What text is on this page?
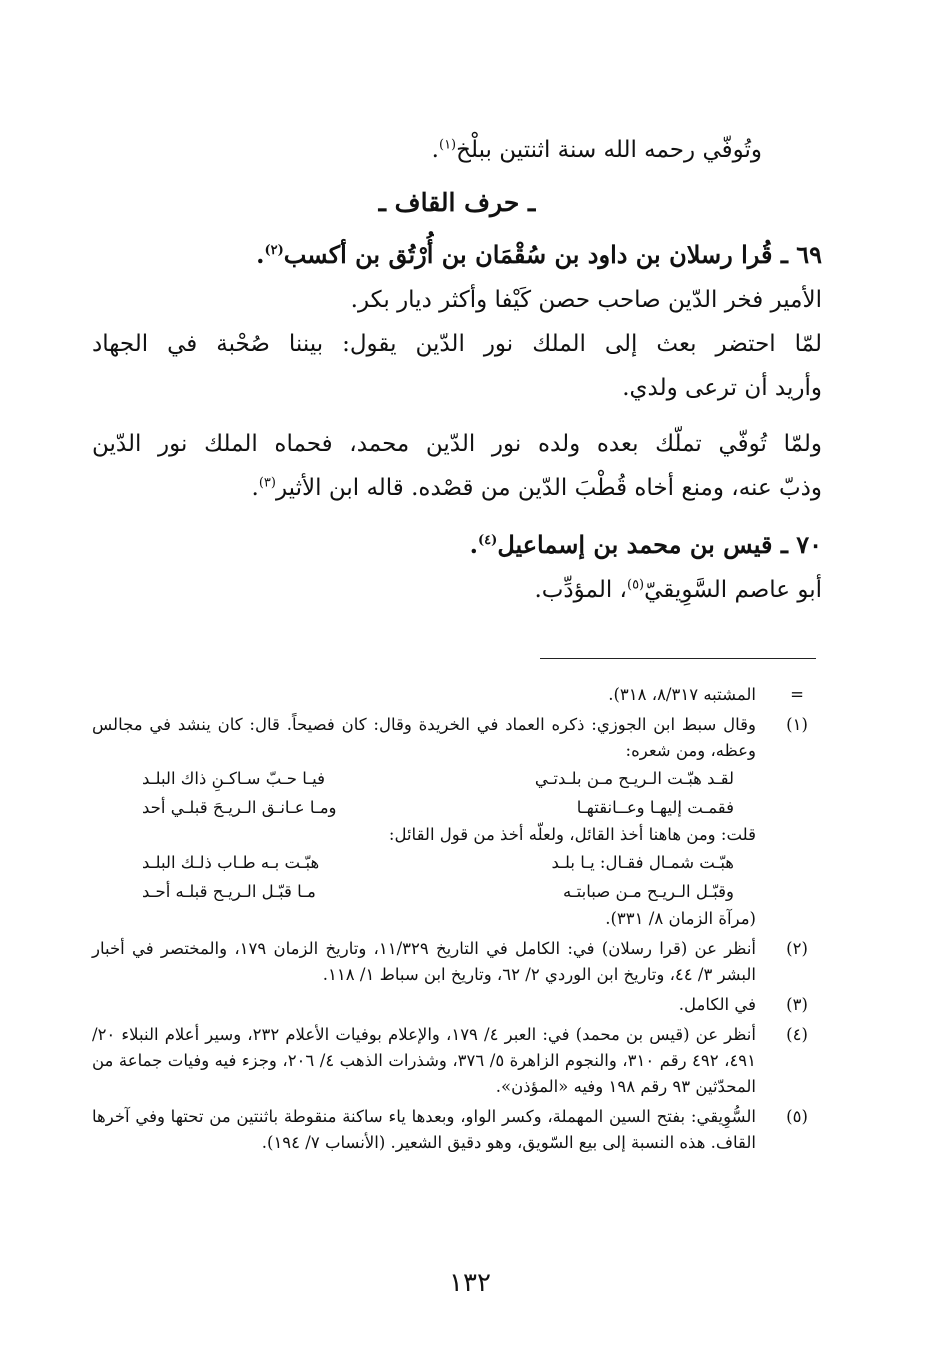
وتُوفّي رحمه الله سنة اثنتين ببلْخ$^{(١)}$.

ـ حرف القاف ـ

٦٩ ـ قُرا رسلان بن داود بن سُقْمَان بن أُرْتُق بن أكسب$^{(٢)}$.

الأمير فخر الدّين صاحب حصن كَيْفا وأكثر ديار بكر.

لمّا احتضر بعث إلى الملك نور الدّين يقول: بيننا صُحْبة في الجهاد

وأريد أن ترعى ولدي.

ولمّا تُوفّي تملّك بعده ولده نور الدّين محمد، فحماه الملك نور الدّين

وذبّ عنه، ومنع أخاه قُطْبَ الدّين من قصْده. قاله ابن الأثير$^{(٣)}$.

٧٠ ـ قيس بن محمد بن إسماعيل$^{(٤)}$.

أبو عاصم السَّوِيقيّ$^{(٥)}$، المؤدِّب.

=

المشتبه ٨/٣١٧، ٣١٨).

(١)

وقال سبط ابن الجوزي: ذكره العماد في الخريدة وقال: كان فصيحاً. قال: كان ينشد في مجالس وعظه، ومن شعره:

لقـد هبّـت الـريـح مـن بلـدتـي
فيـا حـبّ سـاكـنِ ذاك البلـد
فقمـت إليهـا وعــانقتهـا
ومـا عـانـق الـريـحَ قبلـي أحد

قلت: ومن هاهنا أخذ القائل، ولعلّه أخذ من قول القائل:

هبّـت شمـال فقـال: يـا بلـد
هبّـت بـه طـاب ذلـك البلـد
وقبّـل الـريـح مـن صبابتـه
مـا قبّـل الـريـح قبلـه أحـد

(مرآة الزمان ٨/ ٣٣١).

(٢)

أنظر عن (قرا رسلان) في: الكامل في التاريخ ١١/٣٢٩، وتاريخ الزمان ١٧٩، والمختصر في أخبار البشر ٣/ ٤٤، وتاريخ ابن الوردي ٢/ ٦٢، وتاريخ ابن سباط ١/ ١١٨.

(٣)

في الكامل.

(٤)

أنظر عن (قيس بن محمد) في: العبر ٤/ ١٧٩، والإعلام بوفيات الأعلام ٢٣٢، وسير أعلام النبلاء ٢٠/ ٤٩١، ٤٩٢ رقم ٣١٠، والنجوم الزاهرة ٥/ ٣٧٦، وشذرات الذهب ٤/ ٢٠٦، وجزء فيه وفيات جماعة من المحدّثين ٩٣ رقم ١٩٨ وفيه «المؤذن».

(٥)

السُّوِيقي: بفتح السين المهملة، وكسر الواو، وبعدها ياء ساكنة منقوطة باثنتين من تحتها وفي آخرها القاف. هذه النسبة إلى بيع السّويق، وهو دقيق الشعير. (الأنساب ٧/ ١٩٤).

١٣٢
